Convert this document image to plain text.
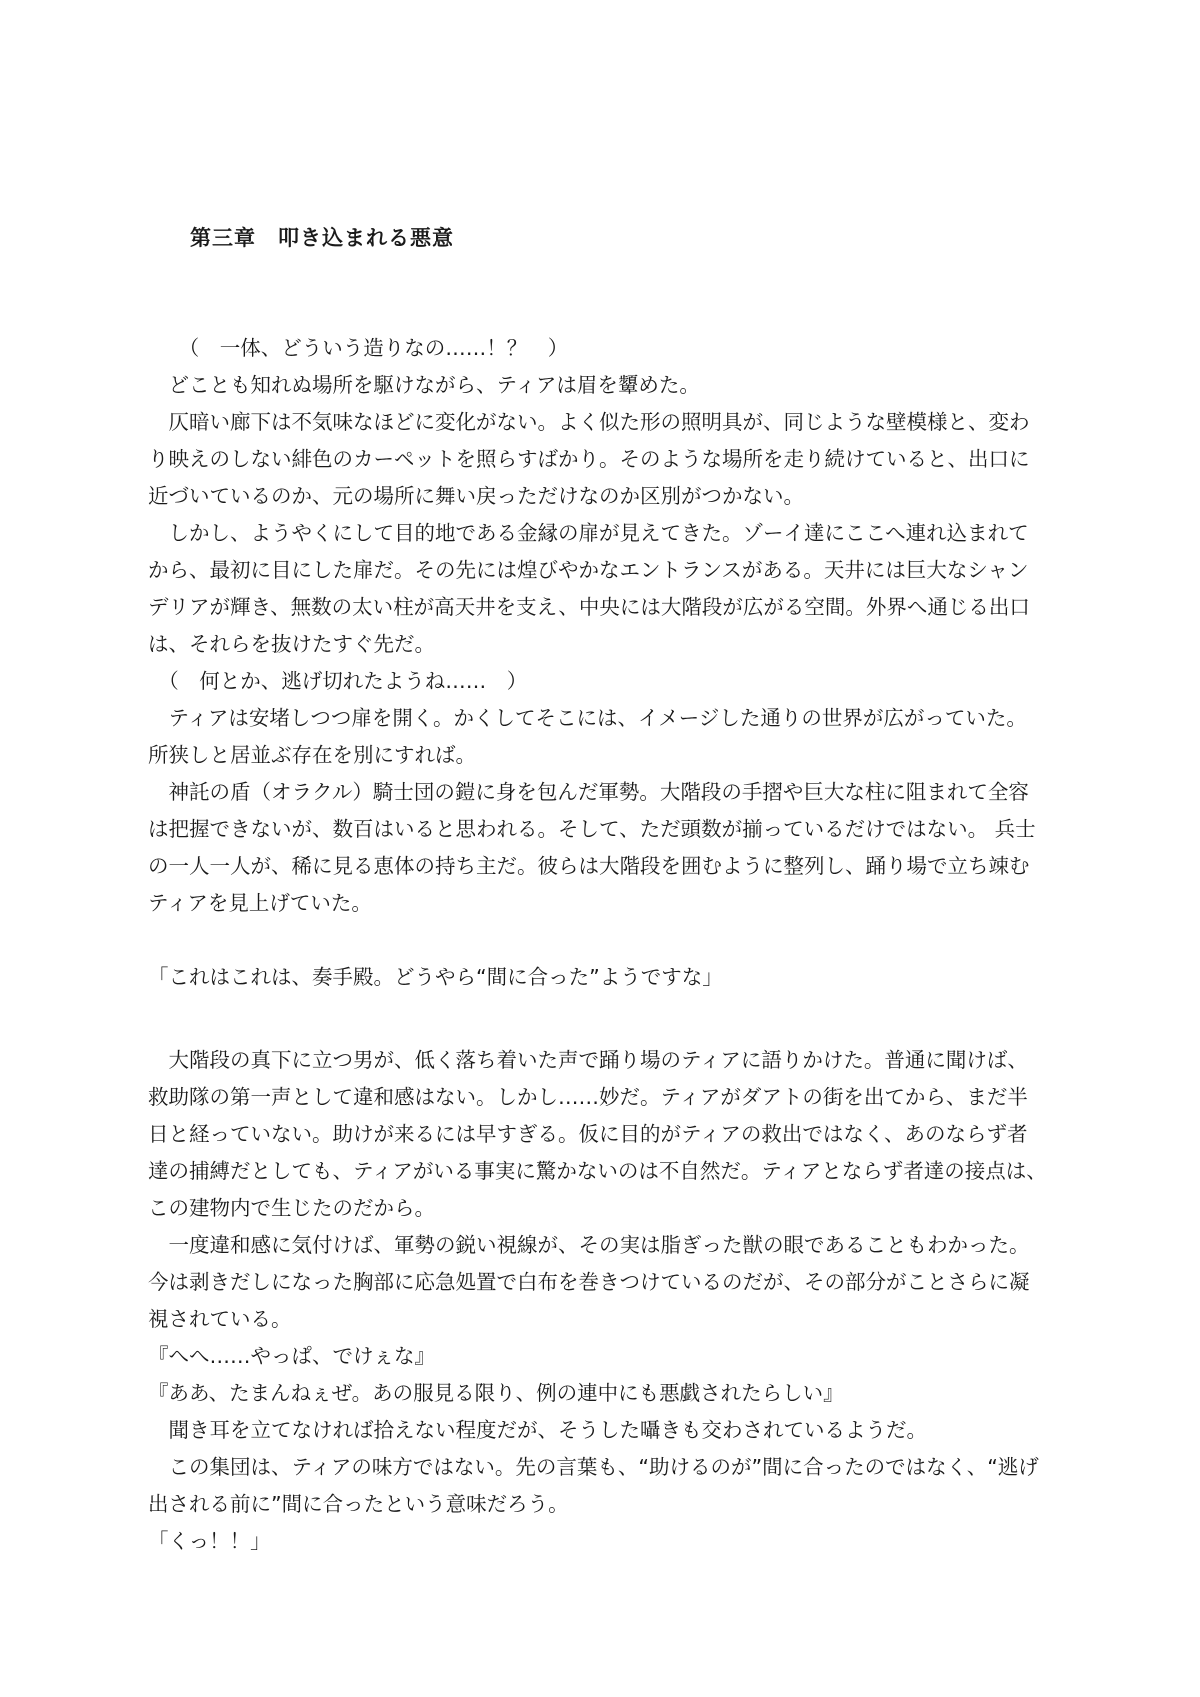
第三章　叩き込まれる悪意
　　（　一体、どういう造りなの……！？　）
　どことも知れぬ場所を駆けながら、ティアは眉を顰めた。
　仄暗い廊下は不気味なほどに変化がない。よく似た形の照明具が、同じような壁模様と、変わ
り映えのしない緋色のカーペットを照らすばかり。そのような場所を走り続けていると、出口に
近づいているのか、元の場所に舞い戻っただけなのか区別がつかない。
　しかし、ようやくにして目的地である金縁の扉が見えてきた。ゾーイ達にここへ連れ込まれて
から、最初に目にした扉だ。その先には煌びやかなエントランスがある。天井には巨大なシャン
デリアが輝き、無数の太い柱が高天井を支え、中央には大階段が広がる空間。外界へ通じる出口
は、それらを抜けたすぐ先だ。
　（　何とか、逃げ切れたようね……　）
　ティアは安堵しつつ扉を開く。かくしてそこには、イメージした通りの世界が広がっていた。
所狭しと居並ぶ存在を別にすれば。
　神託の盾（オラクル）騎士団の鎧に身を包んだ軍勢。大階段の手摺や巨大な柱に阻まれて全容
は把握できないが、数百はいると思われる。そして、ただ頭数が揃っているだけではない。 兵士
の一人一人が、稀に見る恵体の持ち主だ。彼らは大階段を囲むように整列し、踊り場で立ち竦む
ティアを見上げていた。
「これはこれは、奏手殿。どうやら“間に合った”ようですな」
　大階段の真下に立つ男が、低く落ち着いた声で踊り場のティアに語りかけた。普通に聞けば、
救助隊の第一声として違和感はない。しかし……妙だ。ティアがダアトの街を出てから、まだ半
日と経っていない。助けが来るには早すぎる。仮に目的がティアの救出ではなく、あのならず者
達の捕縛だとしても、ティアがいる事実に驚かないのは不自然だ。ティアとならず者達の接点は、
この建物内で生じたのだから。
　一度違和感に気付けば、軍勢の鋭い視線が、その実は脂ぎった獣の眼であることもわかった。
今は剥きだしになった胸部に応急処置で白布を巻きつけているのだが、その部分がことさらに凝
視されている。
『へへ……やっぱ、でけぇな』
『ああ、たまんねぇぜ。あの服見る限り、例の連中にも悪戯されたらしい』
　聞き耳を立てなければ拾えない程度だが、そうした囁きも交わされているようだ。
　この集団は、ティアの味方ではない。先の言葉も、“助けるのが”間に合ったのではなく、“逃げ
出される前に”間に合ったという意味だろう。
「くっ！！」
